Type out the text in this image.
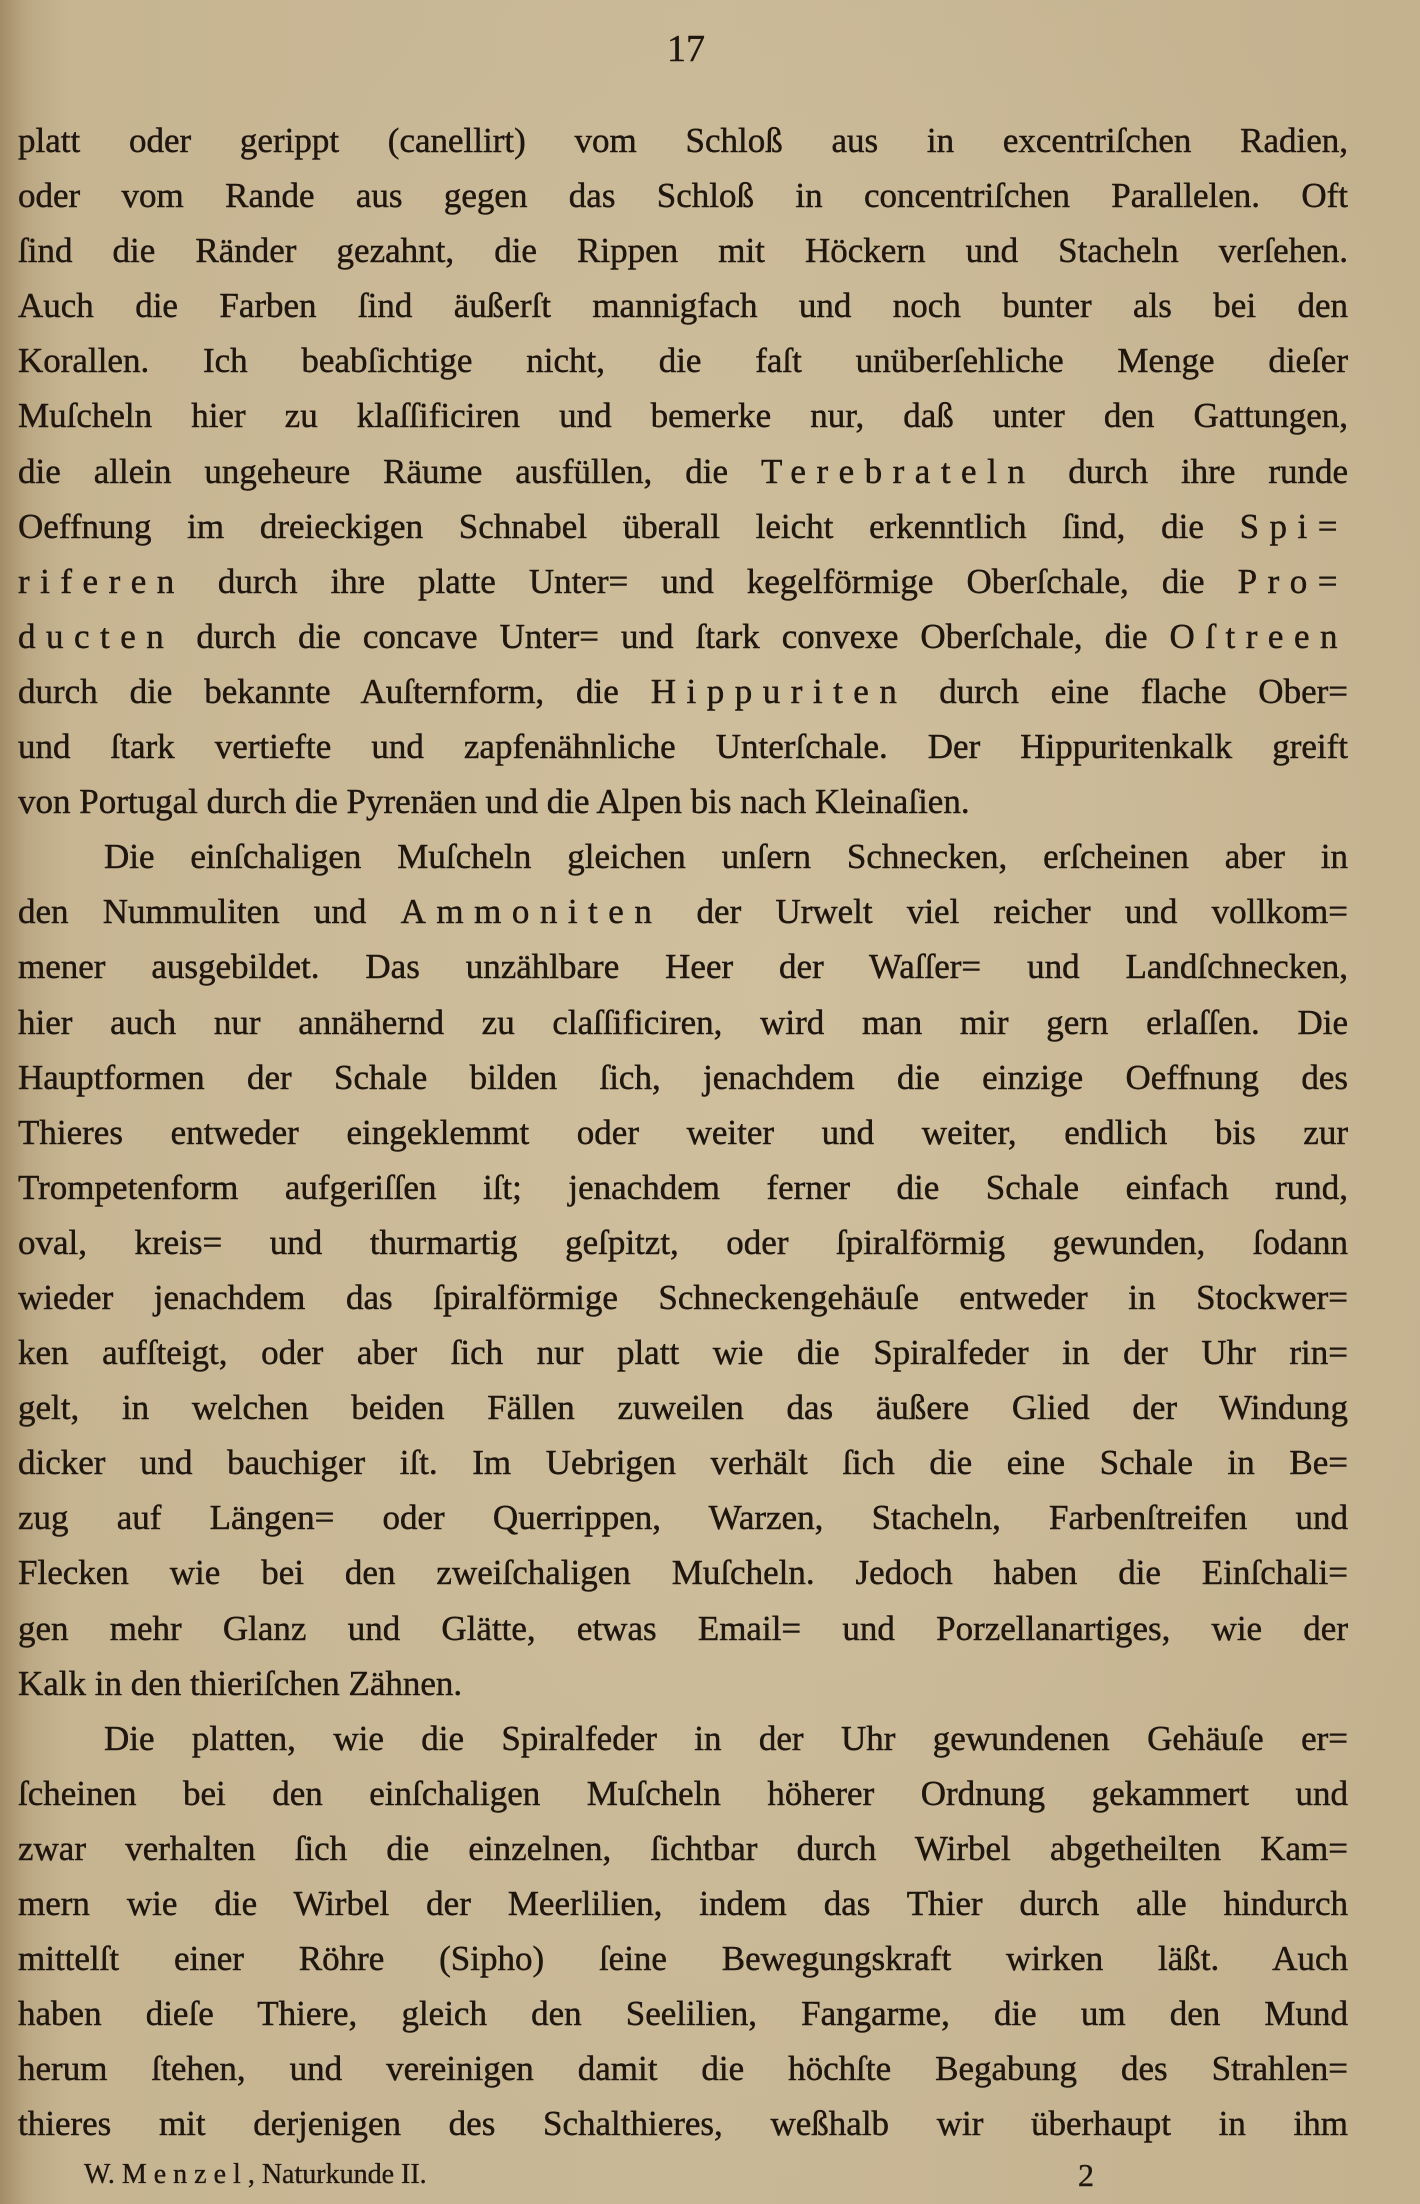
17
platt oder gerippt (canellirt) vom Schloß aus in excentriſchen Radien,
oder vom Rande aus gegen das Schloß in concentriſchen Parallelen. Oft
ſind die Ränder gezahnt, die Rippen mit Höckern und Stacheln verſehen.
Auch die Farben ſind äußerſt mannigfach und noch bunter als bei den
Korallen. Ich beabſichtige nicht, die faſt unüberſehliche Menge dieſer
Muſcheln hier zu klaſſificiren und bemerke nur, daß unter den Gattungen,
die allein ungeheure Räume ausfüllen, die Terebrateln durch ihre runde
Oeffnung im dreieckigen Schnabel überall leicht erkenntlich ſind, die Spi=
riferen durch ihre platte Unter= und kegelförmige Oberſchale, die Pro=
ducten durch die concave Unter= und ſtark convexe Oberſchale, die Oſtreen
durch die bekannte Auſternform, die Hippuriten durch eine flache Ober=
und ſtark vertiefte und zapfenähnliche Unterſchale. Der Hippuritenkalk greift
von Portugal durch die Pyrenäen und die Alpen bis nach Kleinaſien.
Die einſchaligen Muſcheln gleichen unſern Schnecken, erſcheinen aber in
den Nummuliten und Ammoniten der Urwelt viel reicher und vollkom=
mener ausgebildet. Das unzählbare Heer der Waſſer= und Landſchnecken,
hier auch nur annähernd zu claſſificiren, wird man mir gern erlaſſen. Die
Hauptformen der Schale bilden ſich, jenachdem die einzige Oeffnung des
Thieres entweder eingeklemmt oder weiter und weiter, endlich bis zur
Trompetenform aufgeriſſen iſt; jenachdem ferner die Schale einfach rund,
oval, kreis= und thurmartig geſpitzt, oder ſpiralförmig gewunden, ſodann
wieder jenachdem das ſpiralförmige Schneckengehäuſe entweder in Stockwer=
ken aufſteigt, oder aber ſich nur platt wie die Spiralfeder in der Uhr rin=
gelt, in welchen beiden Fällen zuweilen das äußere Glied der Windung
dicker und bauchiger iſt. Im Uebrigen verhält ſich die eine Schale in Be=
zug auf Längen= oder Querrippen, Warzen, Stacheln, Farbenſtreifen und
Flecken wie bei den zweiſchaligen Muſcheln. Jedoch haben die Einſchali=
gen mehr Glanz und Glätte, etwas Email= und Porzellanartiges, wie der
Kalk in den thieriſchen Zähnen.
Die platten, wie die Spiralfeder in der Uhr gewundenen Gehäuſe er=
ſcheinen bei den einſchaligen Muſcheln höherer Ordnung gekammert und
zwar verhalten ſich die einzelnen, ſichtbar durch Wirbel abgetheilten Kam=
mern wie die Wirbel der Meerlilien, indem das Thier durch alle hindurch
mittelſt einer Röhre (Sipho) ſeine Bewegungskraft wirken läßt. Auch
haben dieſe Thiere, gleich den Seelilien, Fangarme, die um den Mund
herum ſtehen, und vereinigen damit die höchſte Begabung des Strahlen=
thieres mit derjenigen des Schalthieres, weßhalb wir überhaupt in ihm
W. Menzel, Naturkunde II.	2
